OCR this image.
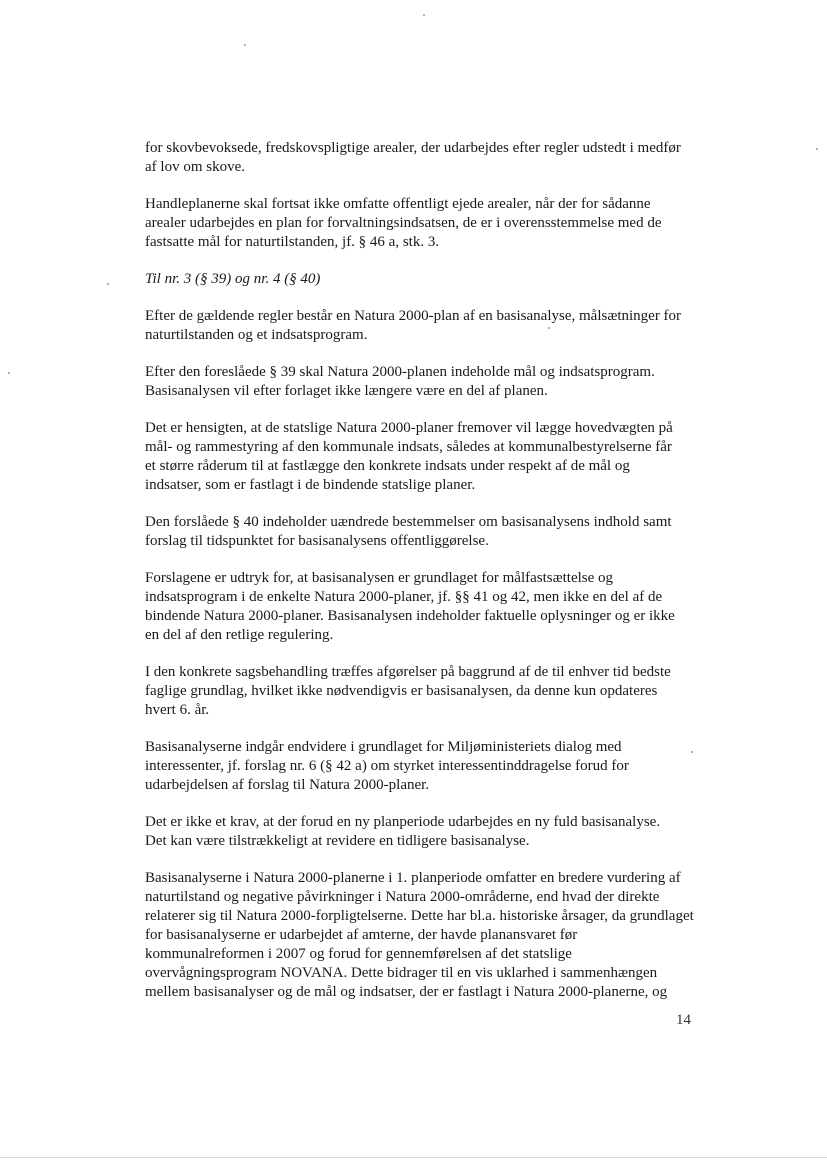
for skovbevoksede, fredskovspligtige arealer, der udarbejdes efter regler udstedt i medfør
af lov om skove.

Handleplanerne skal fortsat ikke omfatte offentligt ejede arealer, når der for sådanne
arealer udarbejdes en plan for forvaltningsindsatsen, de er i overensstemmelse med de
fastsatte mål for naturtilstanden, jf. § 46 a, stk. 3.

Til nr. 3 (§ 39) og nr. 4 (§ 40)

Efter de gældende regler består en Natura 2000-plan af en basisanalyse, målsætninger for
naturtilstanden og et indsatsprogram.

Efter den foreslåede § 39 skal Natura 2000-planen indeholde mål og indsatsprogram.
Basisanalysen vil efter forlaget ikke længere være en del af planen.

Det er hensigten, at de statslige Natura 2000-planer fremover vil lægge hovedvægten på
mål- og rammestyring af den kommunale indsats, således at kommunalbestyrelserne får
et større råderum til at fastlægge den konkrete indsats under respekt af de mål og
indsatser, som er fastlagt i de bindende statslige planer.

Den forslåede § 40 indeholder uændrede bestemmelser om basisanalysens indhold samt
forslag til tidspunktet for basisanalysens offentliggørelse.

Forslagene er udtryk for, at basisanalysen er grundlaget for målfastsættelse og
indsatsprogram i de enkelte Natura 2000-planer, jf. §§ 41 og 42, men ikke en del af de
bindende Natura 2000-planer. Basisanalysen indeholder faktuelle oplysninger og er ikke
en del af den retlige regulering.

I den konkrete sagsbehandling træffes afgørelser på baggrund af de til enhver tid bedste
faglige grundlag, hvilket ikke nødvendigvis er basisanalysen, da denne kun opdateres
hvert 6. år.

Basisanalyserne indgår endvidere i grundlaget for Miljøministeriets dialog med
interessenter, jf. forslag nr. 6 (§ 42 a) om styrket interessentinddragelse forud for
udarbejdelsen af forslag til Natura 2000-planer.

Det er ikke et krav, at der forud en ny planperiode udarbejdes en ny fuld basisanalyse.
Det kan være tilstrækkeligt at revidere en tidligere basisanalyse.

Basisanalyserne i Natura 2000-planerne i 1. planperiode omfatter en bredere vurdering af
naturtilstand og negative påvirkninger i Natura 2000-områderne, end hvad der direkte
relaterer sig til Natura 2000-forpligtelserne. Dette har bl.a. historiske årsager, da grundlaget
for basisanalyserne er udarbejdet af amterne, der havde planansvaret før
kommunalreformen i 2007 og forud for gennemførelsen af det statslige
overvågningsprogram NOVANA. Dette bidrager til en vis uklarhed i sammenhængen
mellem basisanalyser og de mål og indsatser, der er fastlagt i Natura 2000-planerne, og

14
